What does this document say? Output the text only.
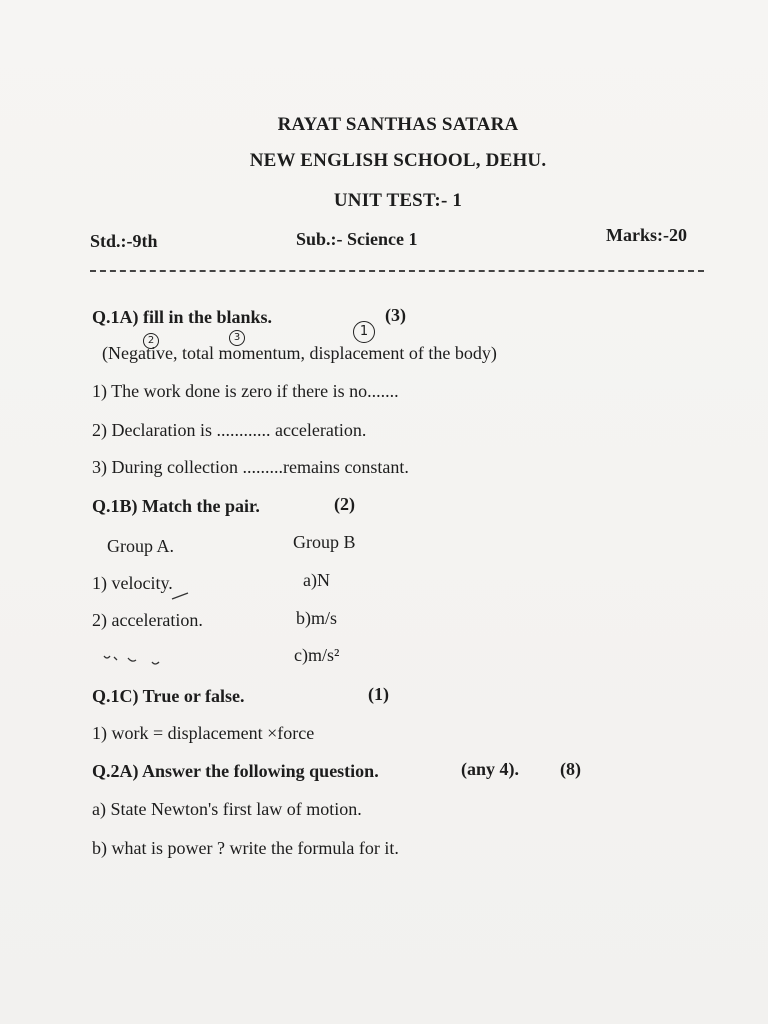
RAYAT SANTHAS SATARA
NEW ENGLISH SCHOOL, DEHU.
UNIT TEST:- 1
Std.:-9th	Sub.:- Science 1	Marks:-20
Q.1A) fill in the blanks.	(3)
2	3	1
(Negative, total momentum, displacement of the body)
1) The work done is zero if there is no.......
2) Declaration is ............ acceleration.
3) During collection .........remains constant.
Q.1B) Match the pair.	(2)
Group A.	Group B
1) velocity.	a)N
2) acceleration.	b)m/s
c)m/s²
Q.1C) True or false.	(1)
1) work = displacement ×force
Q.2A) Answer the following question.	(any 4). (8)
a) State Newton's first law of motion.
b) what is power ? write the formula for it.
